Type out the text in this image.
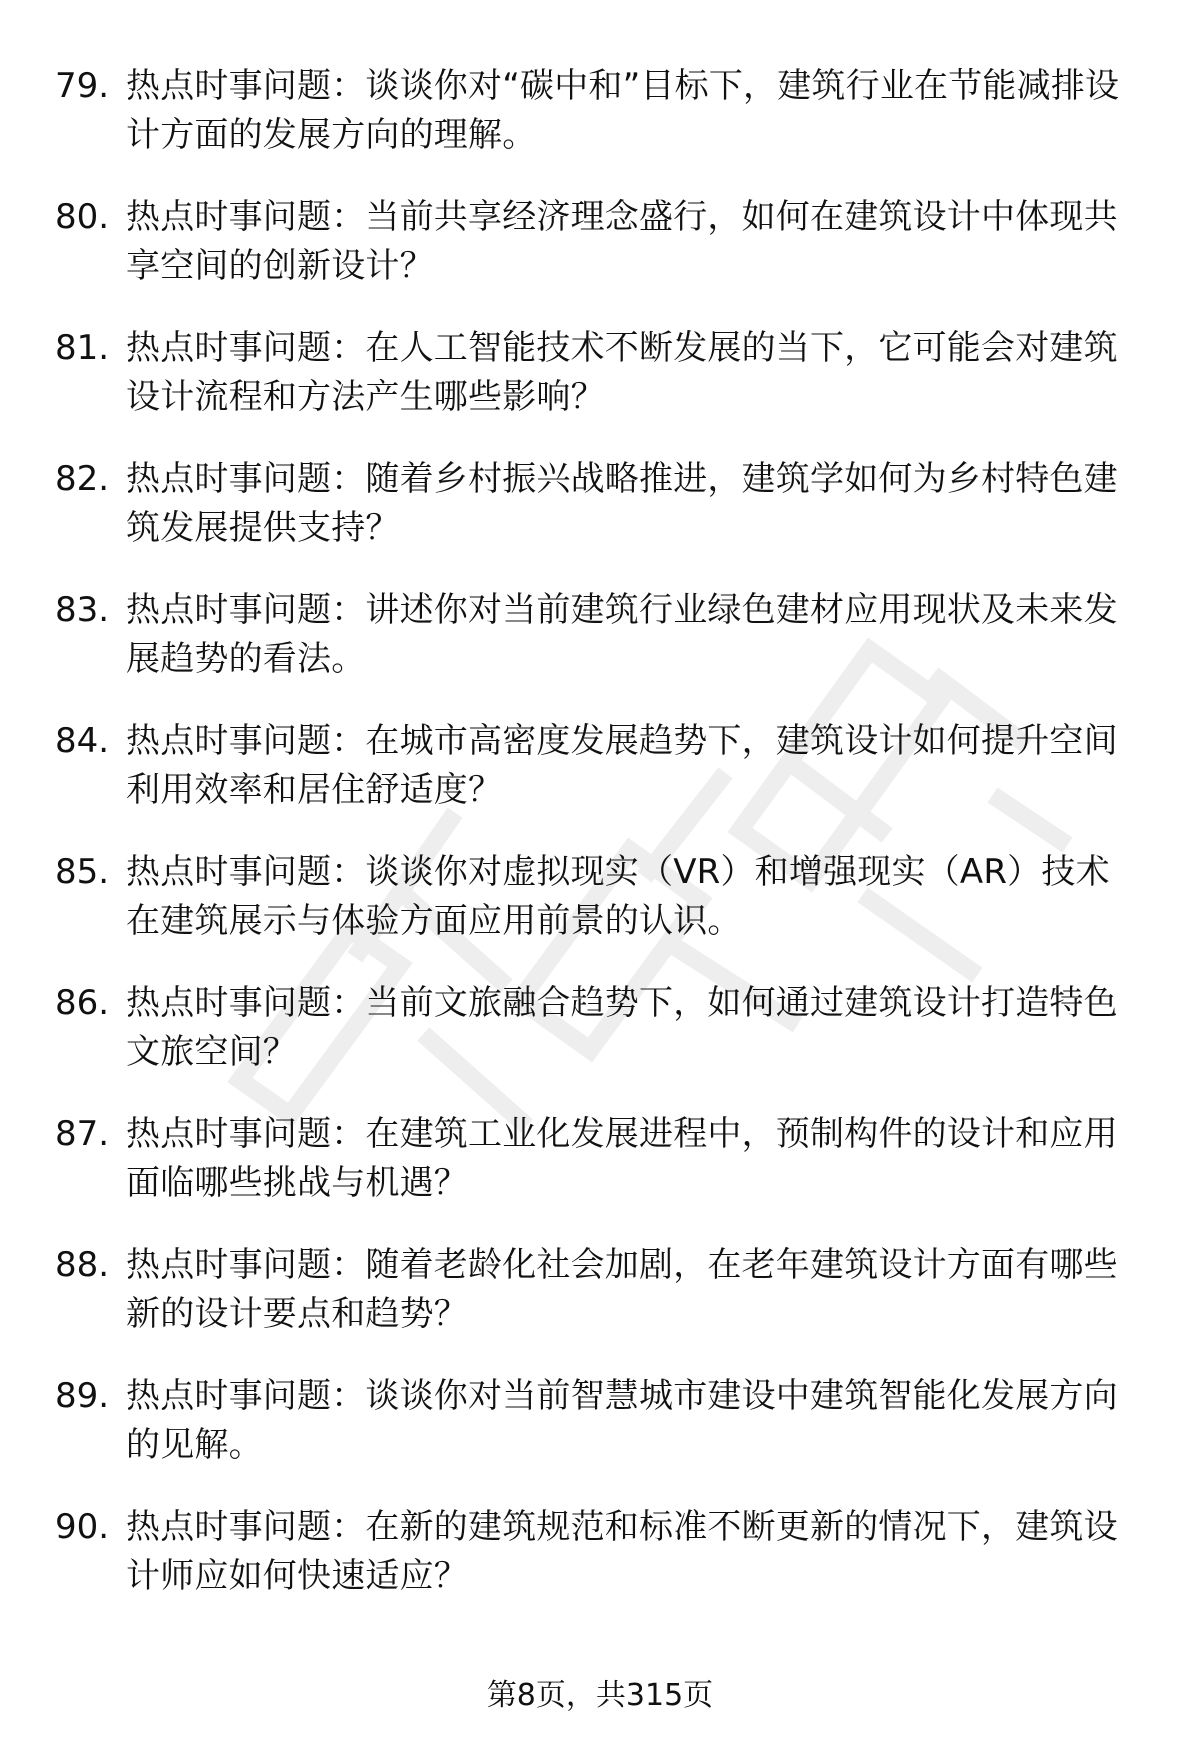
79. 热点时事问题：谈谈你对“碳中和”目标下，建筑行业在节能减排设计方面的发展方向的理解。
80. 热点时事问题：当前共享经济理念盛行，如何在建筑设计中体现共享空间的创新设计？
81. 热点时事问题：在人工智能技术不断发展的当下，它可能会对建筑设计流程和方法产生哪些影响？
82. 热点时事问题：随着乡村振兴战略推进，建筑学如何为乡村特色建筑发展提供支持？
83. 热点时事问题：讲述你对当前建筑行业绿色建材应用现状及未来发展趋势的看法。
84. 热点时事问题：在城市高密度发展趋势下，建筑设计如何提升空间利用效率和居住舒适度？
85. 热点时事问题：谈谈你对虚拟现实（VR）和增强现实（AR）技术在建筑展示与体验方面应用前景的认识。
86. 热点时事问题：当前文旅融合趋势下，如何通过建筑设计打造特色文旅空间？
87. 热点时事问题：在建筑工业化发展进程中，预制构件的设计和应用面临哪些挑战与机遇？
88. 热点时事问题：随着老龄化社会加剧，在老年建筑设计方面有哪些新的设计要点和趋势？
89. 热点时事问题：谈谈你对当前智慧城市建设中建筑智能化发展方向的见解。
90. 热点时事问题：在新的建筑规范和标准不断更新的情况下，建筑设计师应如何快速适应？
第8页，共315页
